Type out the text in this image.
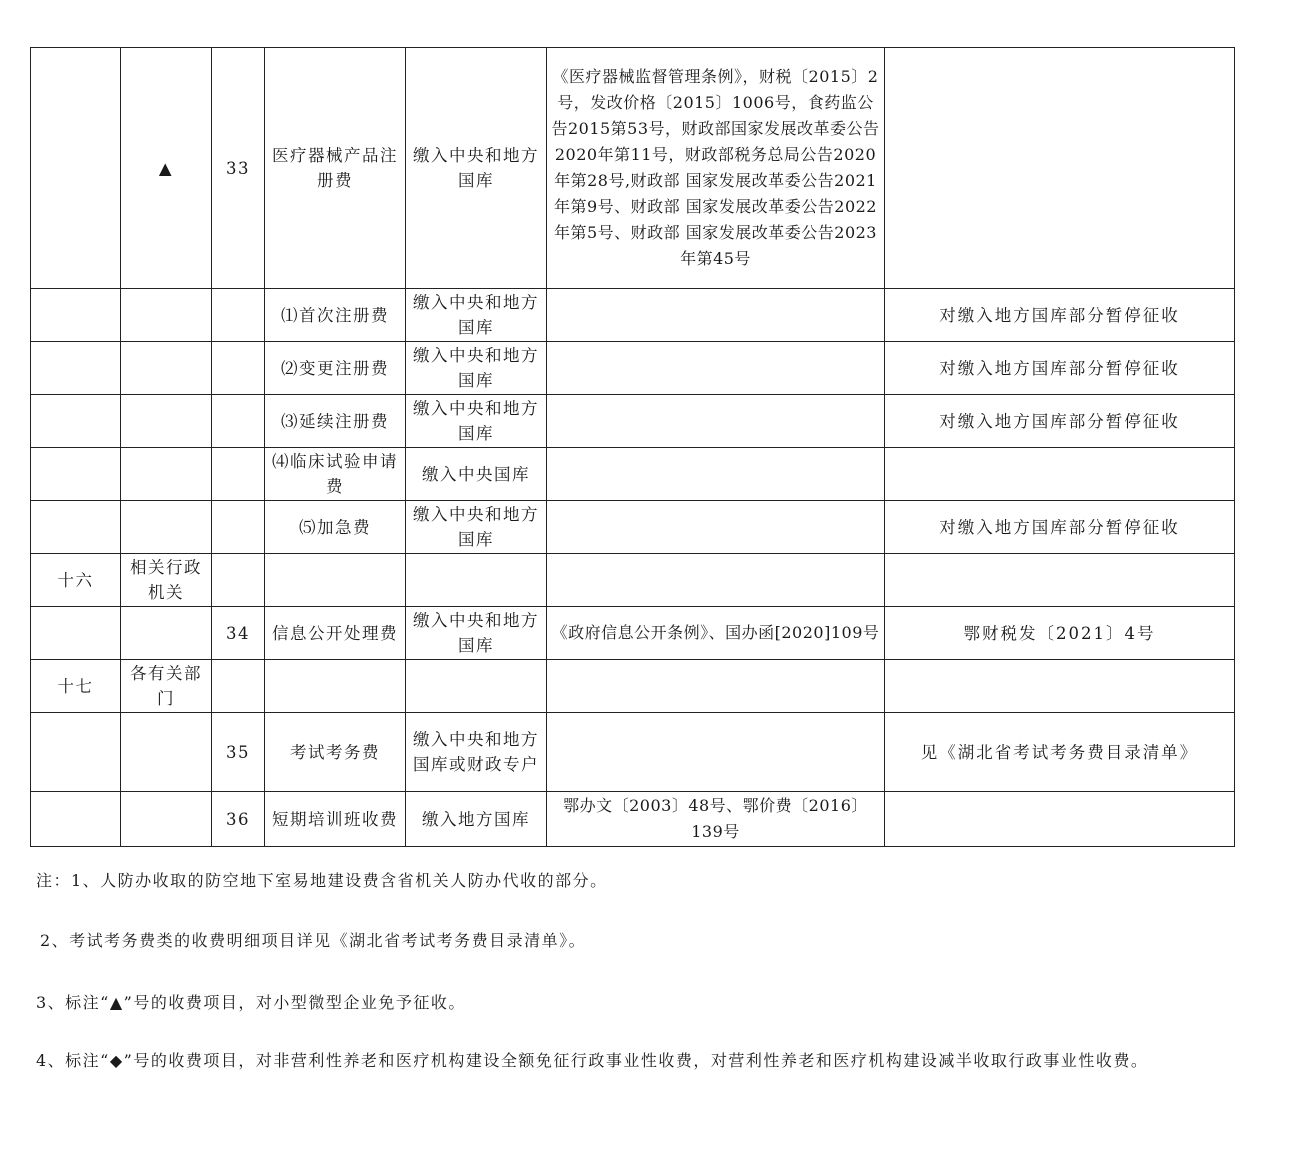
	▲	33	医疗器械产品注册费	缴入中央和地方国库	《医疗器械监督管理条例》，财税〔2015〕2号，发改价格〔2015〕1006号，食药监公告2015第53号，财政部国家发展改革委公告2020年第11号，财政部税务总局公告2020年第28号,财政部 国家发展改革委公告2021年第9号、财政部 国家发展改革委公告2022年第5号、财政部 国家发展改革委公告2023年第45号	
			⑴首次注册费	缴入中央和地方国库		对缴入地方国库部分暂停征收
			⑵变更注册费	缴入中央和地方国库		对缴入地方国库部分暂停征收
			⑶延续注册费	缴入中央和地方国库		对缴入地方国库部分暂停征收
			⑷临床试验申请费	缴入中央国库		
			⑸加急费	缴入中央和地方国库		对缴入地方国库部分暂停征收
十六	相关行政机关					
		34	信息公开处理费	缴入中央和地方国库	《政府信息公开条例》、国办函[2020]109号	鄂财税发〔2021〕4号
十七	各有关部门					
		35	考试考务费	缴入中央和地方国库或财政专户		见《湖北省考试考务费目录清单》
		36	短期培训班收费	缴入地方国库	鄂办文〔2003〕48号、鄂价费〔2016〕139号	

注：1、人防办收取的防空地下室易地建设费含省机关人防办代收的部分。

2、考试考务费类的收费明细项目详见《湖北省考试考务费目录清单》。

3、标注“▲”号的收费项目，对小型微型企业免予征收。

4、标注“◆”号的收费项目，对非营利性养老和医疗机构建设全额免征行政事业性收费，对营利性养老和医疗机构建设减半收取行政事业性收费。
